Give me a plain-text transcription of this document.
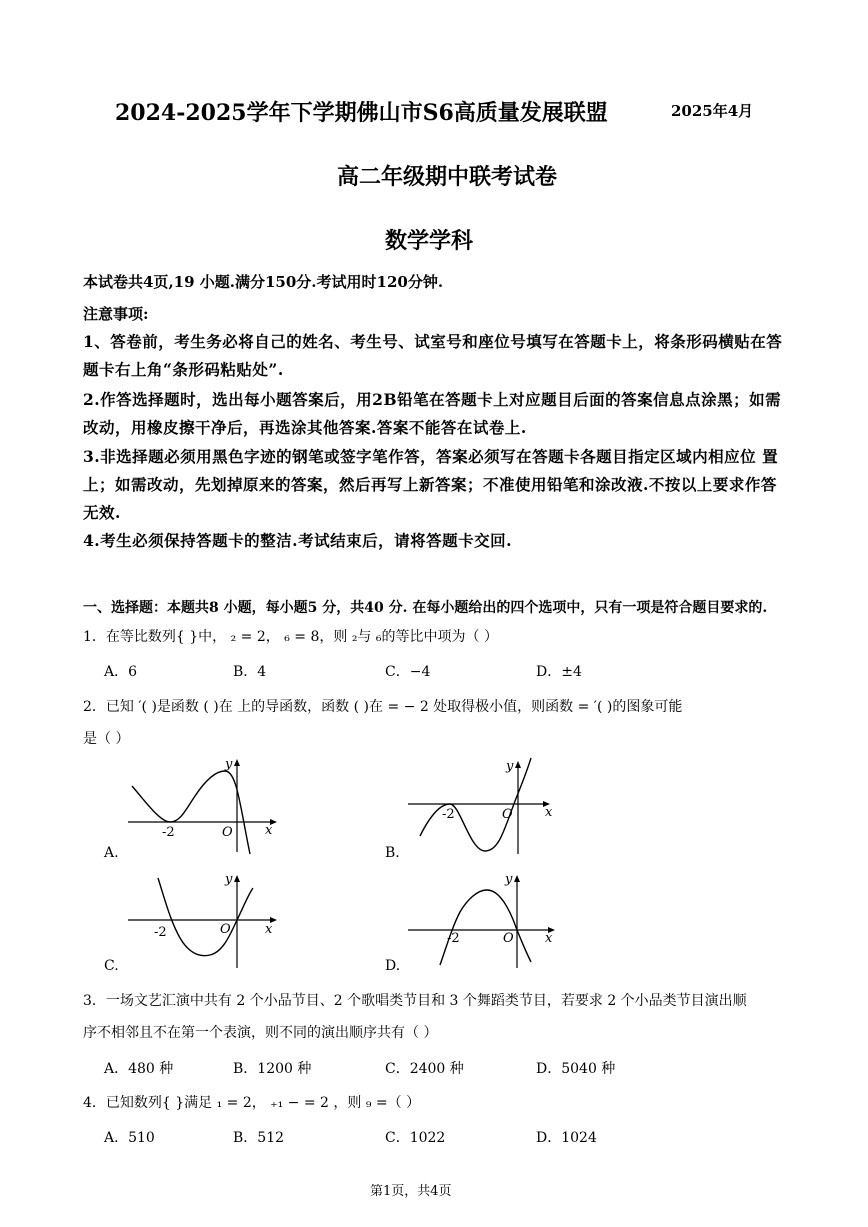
2024-2025学年下学期佛山市S6高质量发展联盟	2025年4月
高二年级期中联考试卷
数学学科
本试卷共4页,19 小题.满分150分.考试用时120分钟.
注意事项:
1、答卷前，考生务必将自己的姓名、考生号、试室号和座位号填写在答题卡上，将条形码横贴在答题卡右上角“条形码粘贴处”.
2.作答选择题时，选出每小题答案后，用2B铅笔在答题卡上对应题目后面的答案信息点涂黑；如需改动，用橡皮擦干净后，再选涂其他答案.答案不能答在试卷上.
3.非选择题必须用黑色字迹的钢笔或签字笔作答，答案必须写在答题卡各题目指定区域内相应位 置上；如需改动，先划掉原来的答案，然后再写上新答案；不准使用铅笔和涂改液.不按以上要求作答无效.
4.考生必须保持答题卡的整洁.考试结束后，请将答题卡交回.
一、选择题：本题共8 小题，每小题5 分，共40 分. 在每小题给出的四个选项中，只有一项是符合题目要求的.
1．在等比数列{ }中， ₂ = 2， ₆ = 8，则 ₂与 ₆的等比中项为（ ）
A．6	B．4	C．−4	D．±4
2．已知 ′( )是函数 ( )在 上的导函数，函数 ( )在 = − 2 处取得极小值，则函数 = ′( )的图象可能
是（ ）
A.	B.
C.	D.
y
x
O
-2
y
x
O
-2
y
x
O
-2
y
x
O
-2
3．一场文艺汇演中共有 2 个小品节目、2 个歌唱类节目和 3 个舞蹈类节目，若要求 2 个小品类节目演出顺
序不相邻且不在第一个表演，则不同的演出顺序共有（ ）
A．480 种	B．1200 种	C．2400 种	D．5040 种
4．已知数列{ }满足 ₁ = 2， ₊₁ − = 2 ，则 ₉ =（ ）
A．510	B．512	C．1022	D．1024
第1页，共4页
